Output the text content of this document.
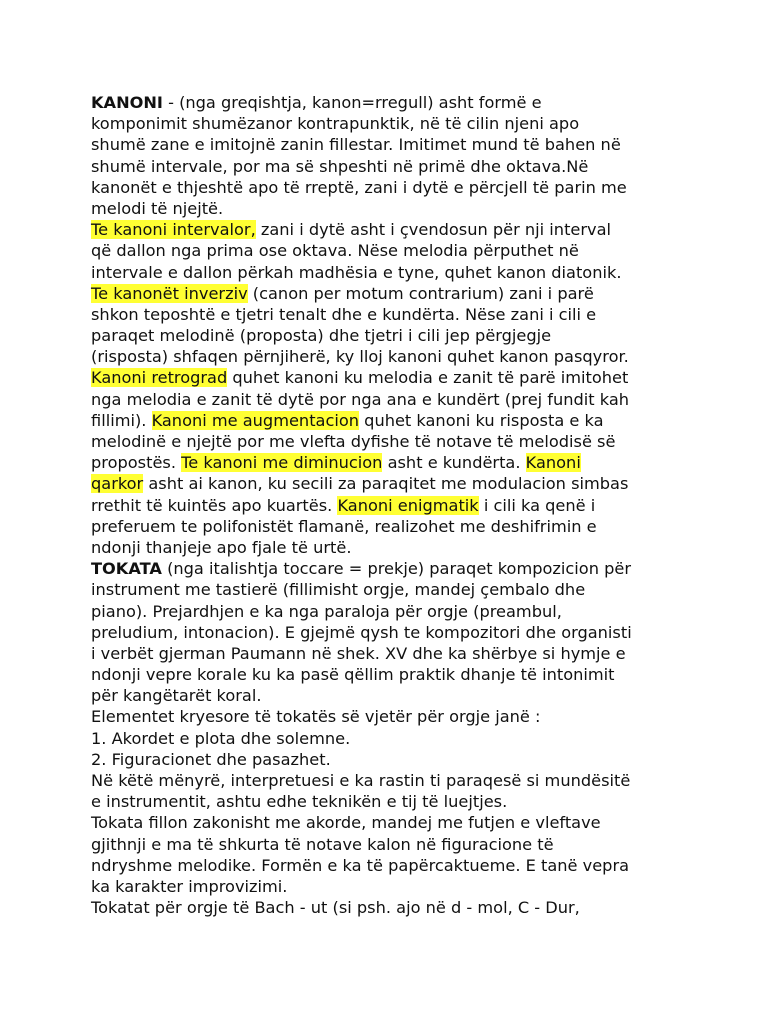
KANONI - (nga greqishtja, kanon=rregull) asht formë e
komponimit shumëzanor kontrapunktik, në të cilin njeni apo
shumë zane e imitojnë zanin fillestar. Imitimet mund të bahen në
shumë intervale, por ma së shpeshti në primë dhe oktava.Në
kanonët e thjeshtë apo të rreptë, zani i dytë e përcjell të parin me
melodi të njejtë.
Te kanoni intervalor, zani i dytë asht i çvendosun për nji interval
që dallon nga prima ose oktava. Nëse melodia përputhet në
intervale e dallon përkah madhësia e tyne, quhet kanon diatonik.
Te kanonët inverziv (canon per motum contrarium) zani i parë
shkon teposhtë e tjetri tenalt dhe e kundërta. Nëse zani i cili e
paraqet melodinë (proposta) dhe tjetri i cili jep përgjegje
(risposta) shfaqen përnjiherë, ky lloj kanoni quhet kanon pasqyror.
Kanoni retrograd quhet kanoni ku melodia e zanit të parë imitohet
nga melodia e zanit të dytë por nga ana e kundërt (prej fundit kah
fillimi). Kanoni me augmentacion quhet kanoni ku risposta e ka
melodinë e njejtë por me vlefta dyfishe të notave të melodisë së
propostës. Te kanoni me diminucion asht e kundërta. Kanoni
qarkor asht ai kanon, ku secili za paraqitet me modulacion simbas
rrethit të kuintës apo kuartës. Kanoni enigmatik i cili ka qenë i
preferuem te polifonistët flamanë, realizohet me deshifrimin e
ndonji thanjeje apo fjale të urtë.
TOKATA (nga italishtja toccare = prekje) paraqet kompozicion për
instrument me tastierë (fillimisht orgje, mandej çembalo dhe
piano). Prejardhjen e ka nga paraloja për orgje (preambul,
preludium, intonacion). E gjejmë qysh te kompozitori dhe organisti
i verbët gjerman Paumann në shek. XV dhe ka shërbye si hymje e
ndonji vepre korale ku ka pasë qëllim praktik dhanje të intonimit
për kangëtarët koral.
Elementet kryesore të tokatës së vjetër për orgje janë :
1. Akordet e plota dhe solemne.
2. Figuracionet dhe pasazhet.
Në këtë mënyrë, interpretuesi e ka rastin ti paraqesë si mundësitë
e instrumentit, ashtu edhe teknikën e tij të luejtjes.
Tokata fillon zakonisht me akorde, mandej me futjen e vleftave
gjithnji e ma të shkurta të notave kalon në figuracione të
ndryshme melodike. Formën e ka të papërcaktueme. E tanë vepra
ka karakter improvizimi.
Tokatat për orgje të Bach - ut (si psh. ajo në d - mol, C - Dur,
